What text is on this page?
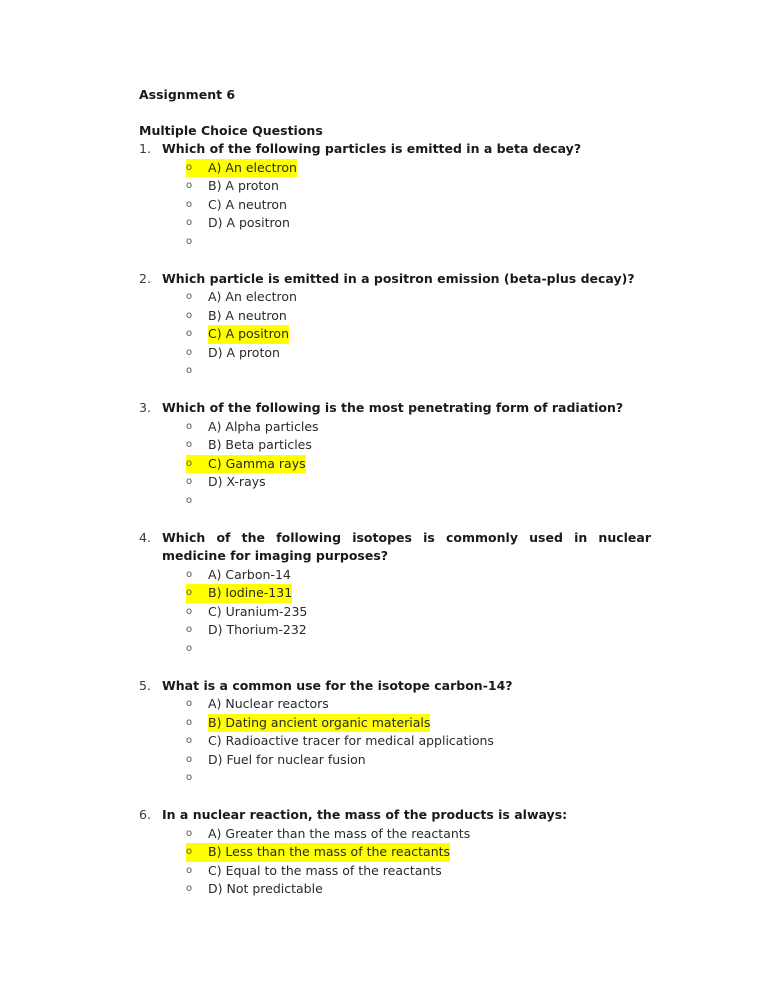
Assignment 6
Multiple Choice Questions
1. Which of the following particles is emitted in a beta decay?
o	A) An electron
o	B) A proton
o	C) A neutron
o	D) A positron
o
2. Which particle is emitted in a positron emission (beta-plus decay)?
o	A) An electron
o	B) A neutron
o	C) A positron
o	D) A proton
o
3. Which of the following is the most penetrating form of radiation?
o	A) Alpha particles
o	B) Beta particles
o	C) Gamma rays
o	D) X-rays
o
4. Which of the following isotopes is commonly used in nuclear medicine for imaging purposes?
o	A) Carbon-14
o	B) Iodine-131
o	C) Uranium-235
o	D) Thorium-232
o
5. What is a common use for the isotope carbon-14?
o	A) Nuclear reactors
o	B) Dating ancient organic materials
o	C) Radioactive tracer for medical applications
o	D) Fuel for nuclear fusion
o
6. In a nuclear reaction, the mass of the products is always:
o	A) Greater than the mass of the reactants
o	B) Less than the mass of the reactants
o	C) Equal to the mass of the reactants
o	D) Not predictable
